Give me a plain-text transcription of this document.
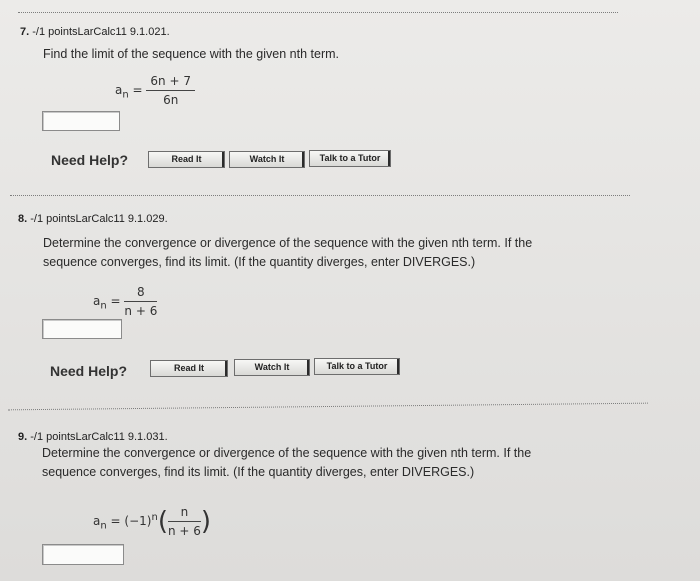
7. -/1 pointsLarCalc11 9.1.021.
Find the limit of the sequence with the given nth term.
$a_n = \frac{6n + 7}{6n}$
Need Help?	Read It	Watch It	Talk to a Tutor
8. -/1 pointsLarCalc11 9.1.029.
Determine the convergence or divergence of the sequence with the given nth term. If the
sequence converges, find its limit. (If the quantity diverges, enter DIVERGES.)
$a_n = \frac{8}{n + 6}$
Need Help?	Read It	Watch It	Talk to a Tutor
9. -/1 pointsLarCalc11 9.1.031.
Determine the convergence or divergence of the sequence with the given nth term. If the
sequence converges, find its limit. (If the quantity diverges, enter DIVERGES.)
$a_n = (-1)^n( \frac{n}{n + 6}$ )
